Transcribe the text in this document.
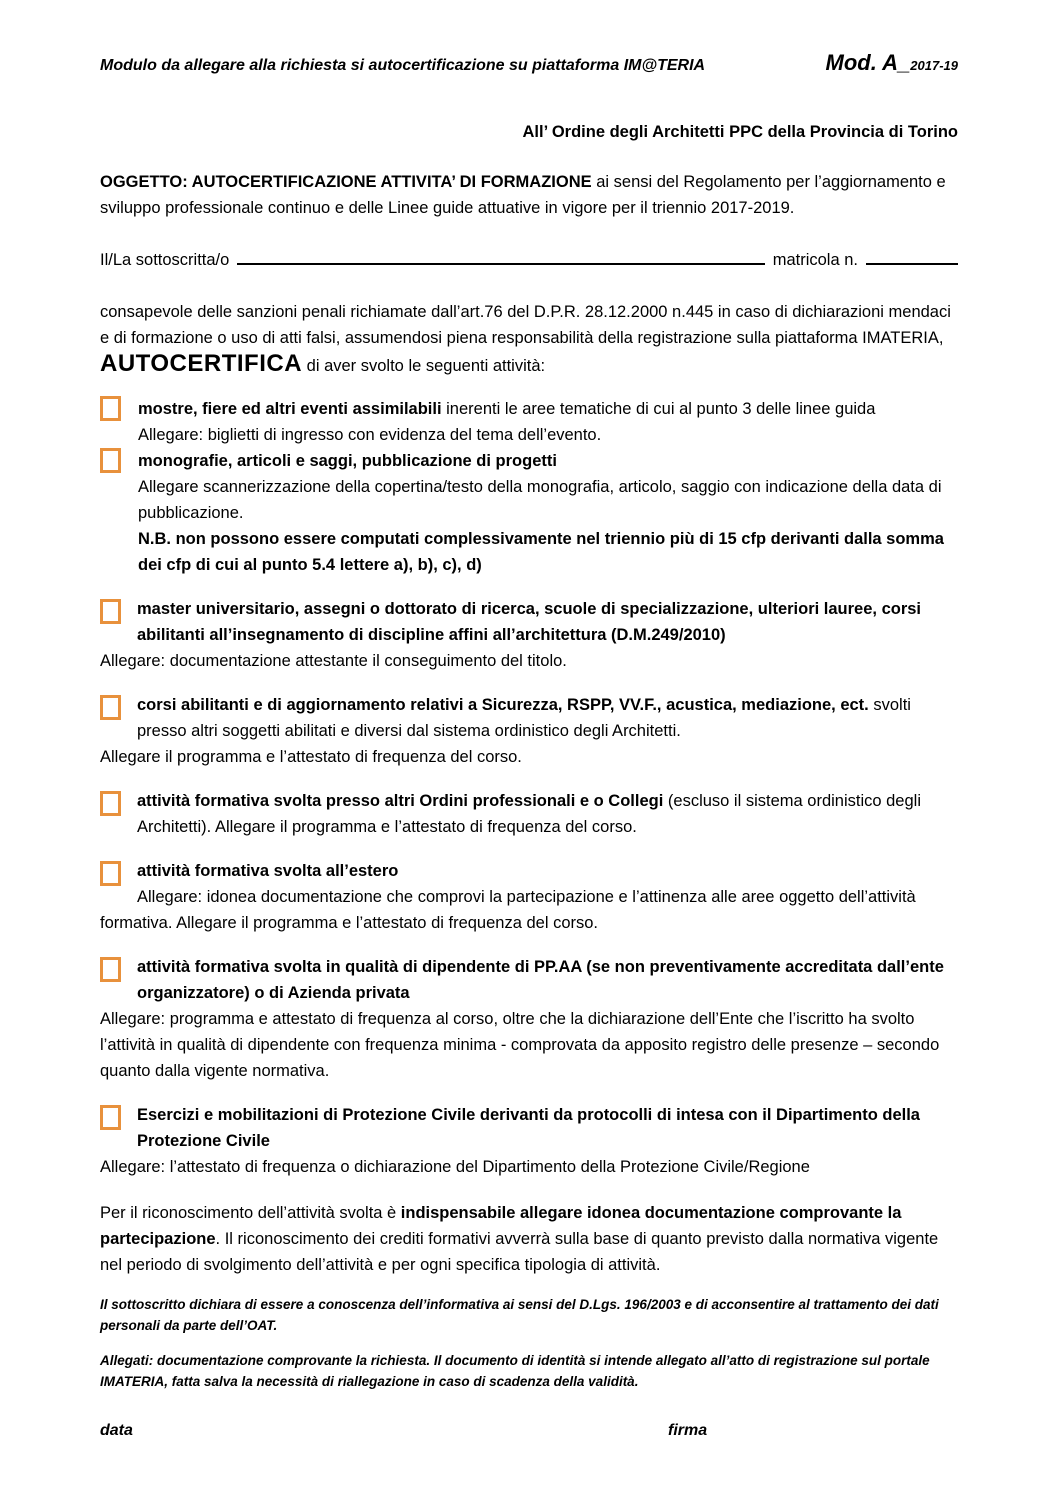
Modulo da allegare alla richiesta si autocertificazione su piattaforma IM@TERIA	Mod. A_2017-19
All’ Ordine degli Architetti PPC della Provincia di Torino

OGGETTO: AUTOCERTIFICAZIONE ATTIVITA’ DI FORMAZIONE ai sensi del Regolamento per l’aggiornamento e sviluppo professionale continuo e delle Linee guide attuative in vigore per il triennio 2017-2019.

Il/La sottoscritta/o	matricola n.

consapevole delle sanzioni penali richiamate dall’art.76 del D.P.R. 28.12.2000 n.445 in caso di dichiarazioni mendaci e di formazione o uso di atti falsi, assumendosi piena responsabilità della registrazione sulla piattaforma IMATERIA, AUTOCERTIFICA di aver svolto le seguenti attività:

mostre, fiere ed altri eventi assimilabili inerenti le aree tematiche di cui al punto 3 delle linee guida
Allegare: biglietti di ingresso con evidenza del tema dell’evento.
monografie, articoli e saggi, pubblicazione di progetti
Allegare scannerizzazione della copertina/testo della monografia, articolo, saggio con indicazione della data di pubblicazione.
N.B. non possono essere computati complessivamente nel triennio più di 15 cfp derivanti dalla somma dei cfp di cui al punto 5.4 lettere a), b), c), d)
master universitario, assegni o dottorato di ricerca, scuole di specializzazione, ulteriori lauree, corsi abilitanti all’insegnamento di discipline affini all’architettura (D.M.249/2010)
Allegare: documentazione attestante il conseguimento del titolo.
corsi abilitanti e di aggiornamento relativi a Sicurezza, RSPP, VV.F., acustica, mediazione, ect. svolti presso altri soggetti abilitati e diversi dal sistema ordinistico degli Architetti.
Allegare il programma e l’attestato di frequenza del corso.
attività formativa svolta presso altri Ordini professionali e o Collegi (escluso il sistema ordinistico degli Architetti). Allegare il programma e l’attestato di frequenza del corso.
attività formativa svolta all’estero
Allegare: idonea documentazione che comprovi la partecipazione e l’attinenza alle aree oggetto dell’attività formativa. Allegare il programma e l’attestato di frequenza del corso.
attività formativa svolta in qualità di dipendente di PP.AA (se non preventivamente accreditata dall’ente organizzatore) o di Azienda privata
Allegare: programma e attestato di frequenza al corso, oltre che la dichiarazione dell’Ente che l’iscritto ha svolto l’attività in qualità di dipendente con frequenza minima - comprovata da apposito registro delle presenze – secondo quanto dalla vigente normativa.
Esercizi e mobilitazioni di Protezione Civile derivanti da protocolli di intesa con il Dipartimento della Protezione Civile
Allegare: l’attestato di frequenza o dichiarazione del Dipartimento della Protezione Civile/Regione

Per il riconoscimento dell’attività svolta è indispensabile allegare idonea documentazione comprovante la partecipazione. Il riconoscimento dei crediti formativi avverrà sulla base di quanto previsto dalla normativa vigente nel periodo di svolgimento dell’attività e per ogni specifica tipologia di attività.

Il sottoscritto dichiara di essere a conoscenza dell’informativa ai sensi del D.Lgs. 196/2003 e di acconsentire al trattamento dei dati personali da parte dell’OAT.

Allegati: documentazione comprovante la richiesta. Il documento di identità si intende allegato all’atto di registrazione sul portale IMATERIA, fatta salva la necessità di riallegazione in caso di scadenza della validità.

data	firma
